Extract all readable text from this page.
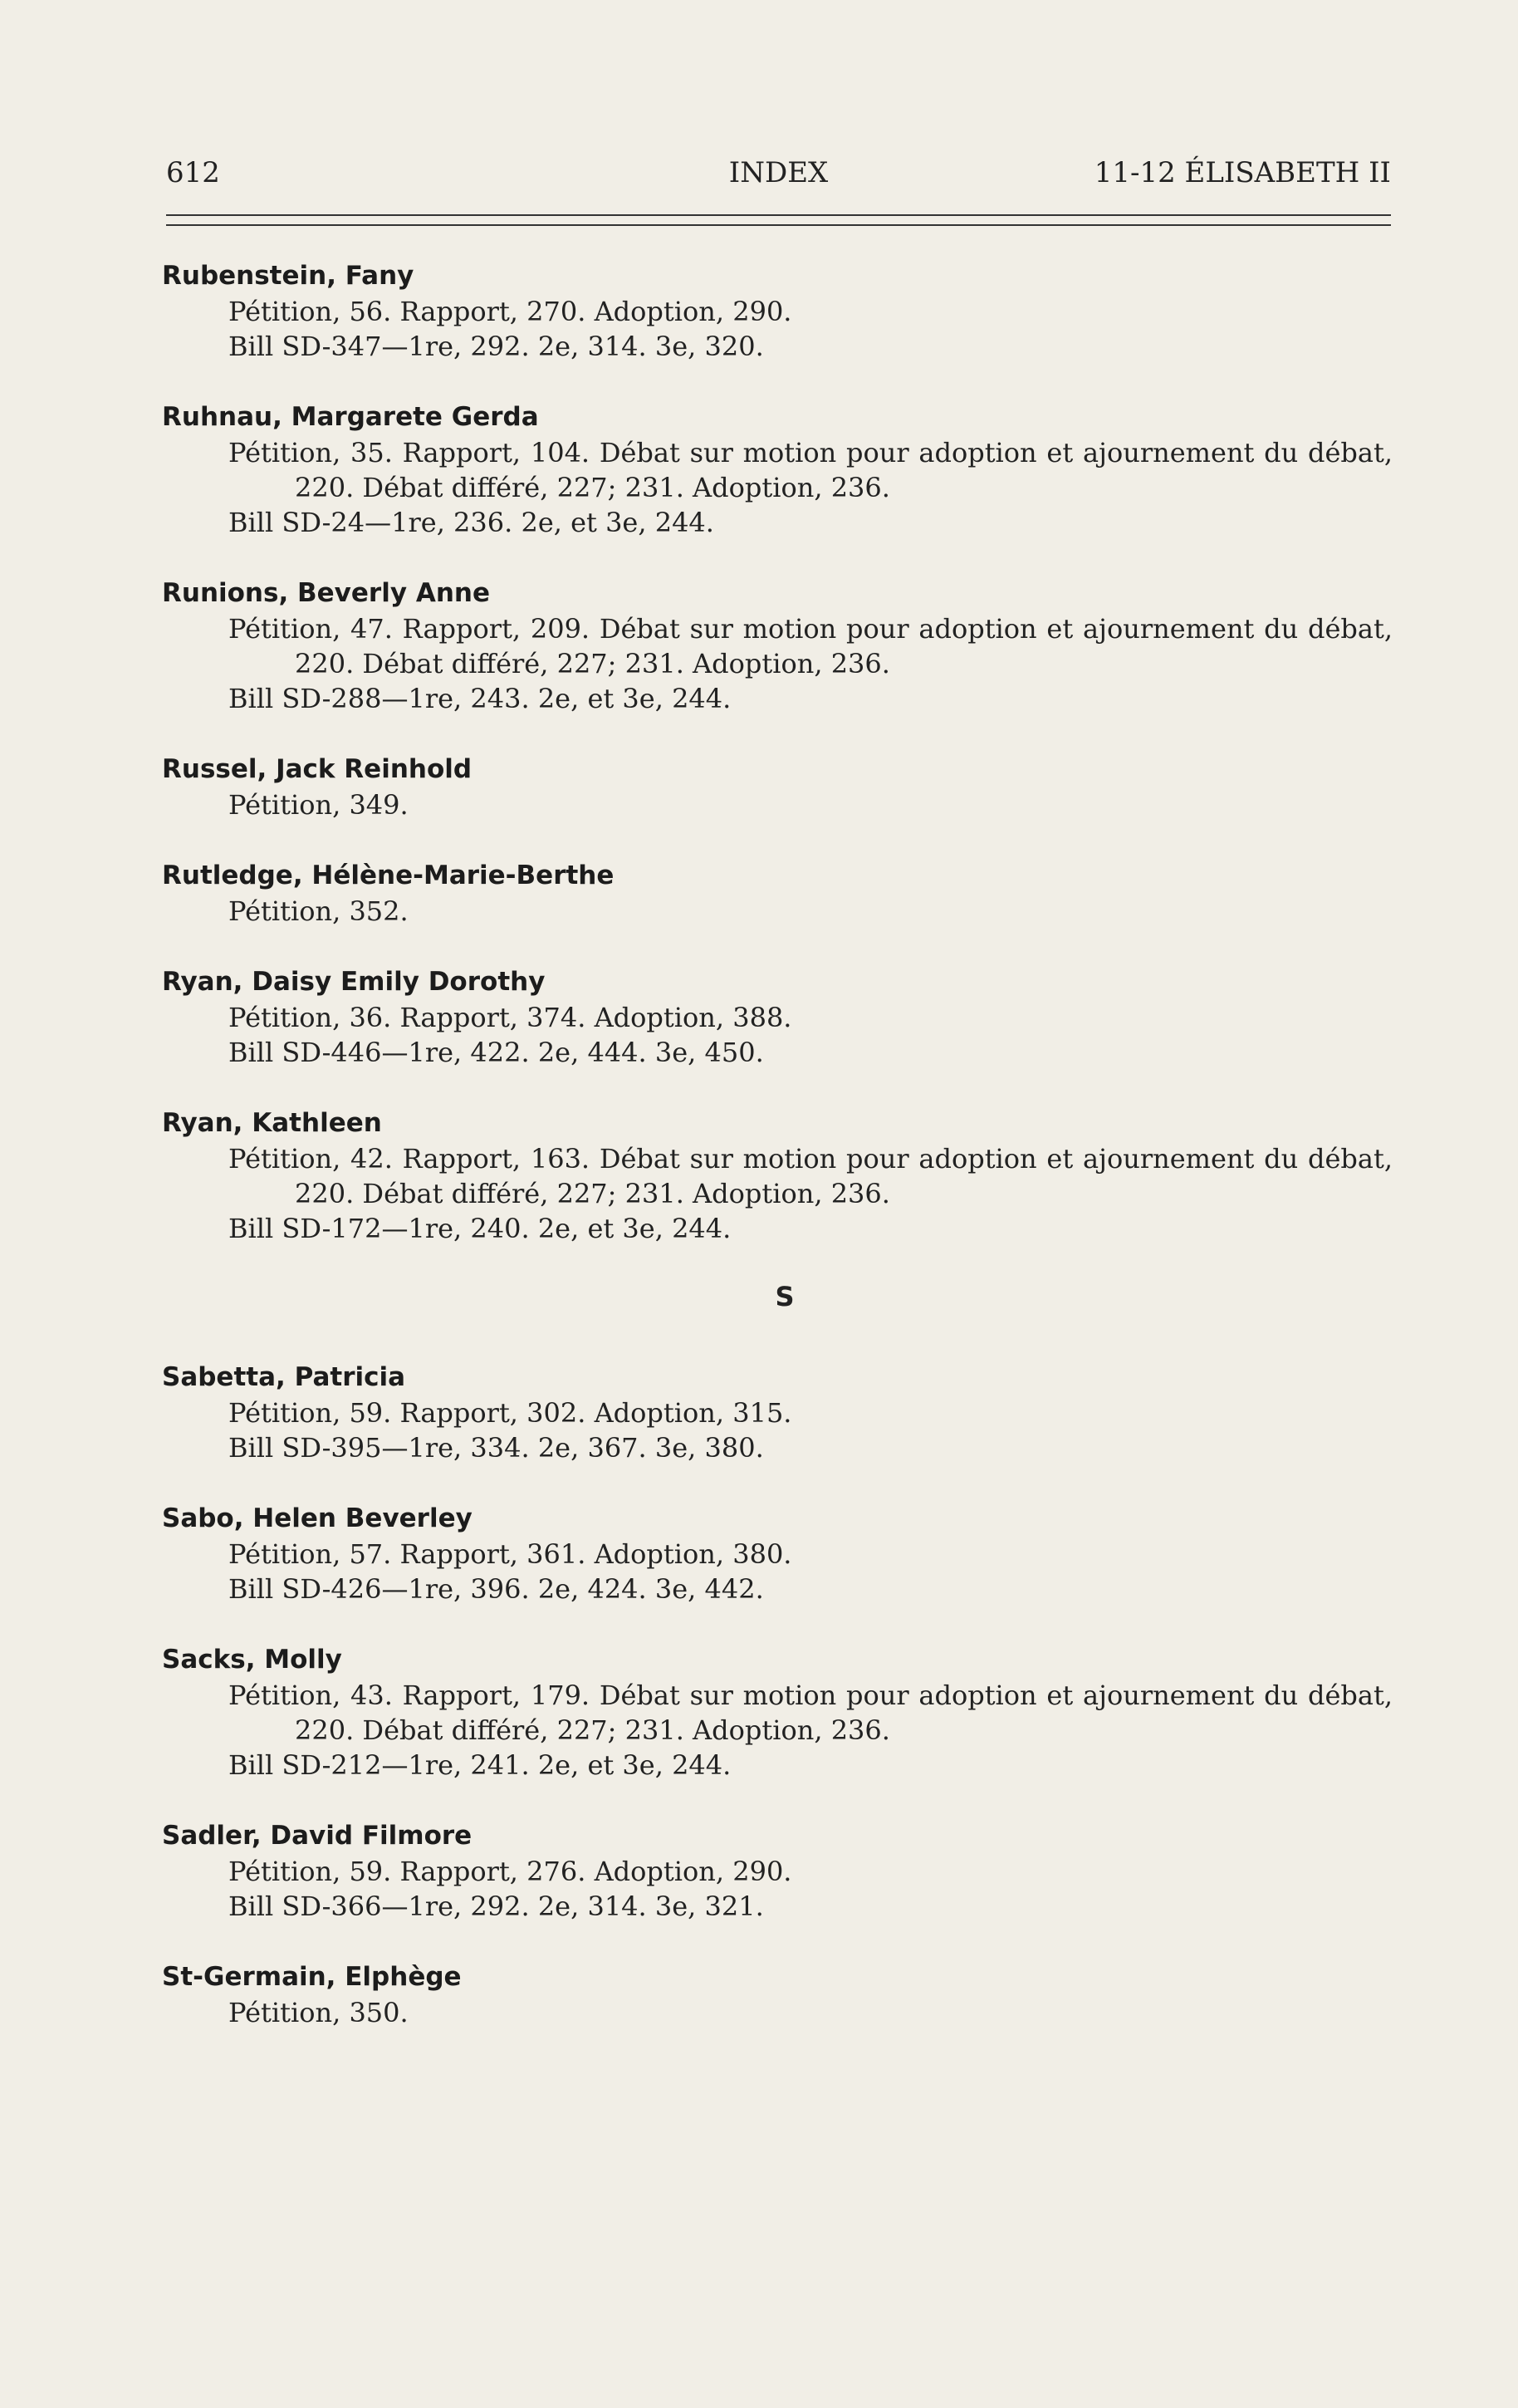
612	INDEX	11-12 ÉLISABETH II
Rubenstein, Fany
Pétition, 56. Rapport, 270. Adoption, 290.
Bill SD-347—1re, 292. 2e, 314. 3e, 320.
Ruhnau, Margarete Gerda
Pétition, 35. Rapport, 104. Débat sur motion pour adoption et ajournement du débat, 220. Débat différé, 227; 231. Adoption, 236.
Bill SD-24—1re, 236. 2e, et 3e, 244.
Runions, Beverly Anne
Pétition, 47. Rapport, 209. Débat sur motion pour adoption et ajournement du débat, 220. Débat différé, 227; 231. Adoption, 236.
Bill SD-288—1re, 243. 2e, et 3e, 244.
Russel, Jack Reinhold
Pétition, 349.
Rutledge, Hélène-Marie-Berthe
Pétition, 352.
Ryan, Daisy Emily Dorothy
Pétition, 36. Rapport, 374. Adoption, 388.
Bill SD-446—1re, 422. 2e, 444. 3e, 450.
Ryan, Kathleen
Pétition, 42. Rapport, 163. Débat sur motion pour adoption et ajournement du débat, 220. Débat différé, 227; 231. Adoption, 236.
Bill SD-172—1re, 240. 2e, et 3e, 244.
S
Sabetta, Patricia
Pétition, 59. Rapport, 302. Adoption, 315.
Bill SD-395—1re, 334. 2e, 367. 3e, 380.
Sabo, Helen Beverley
Pétition, 57. Rapport, 361. Adoption, 380.
Bill SD-426—1re, 396. 2e, 424. 3e, 442.
Sacks, Molly
Pétition, 43. Rapport, 179. Débat sur motion pour adoption et ajournement du débat, 220. Débat différé, 227; 231. Adoption, 236.
Bill SD-212—1re, 241. 2e, et 3e, 244.
Sadler, David Filmore
Pétition, 59. Rapport, 276. Adoption, 290.
Bill SD-366—1re, 292. 2e, 314. 3e, 321.
St-Germain, Elphège
Pétition, 350.
